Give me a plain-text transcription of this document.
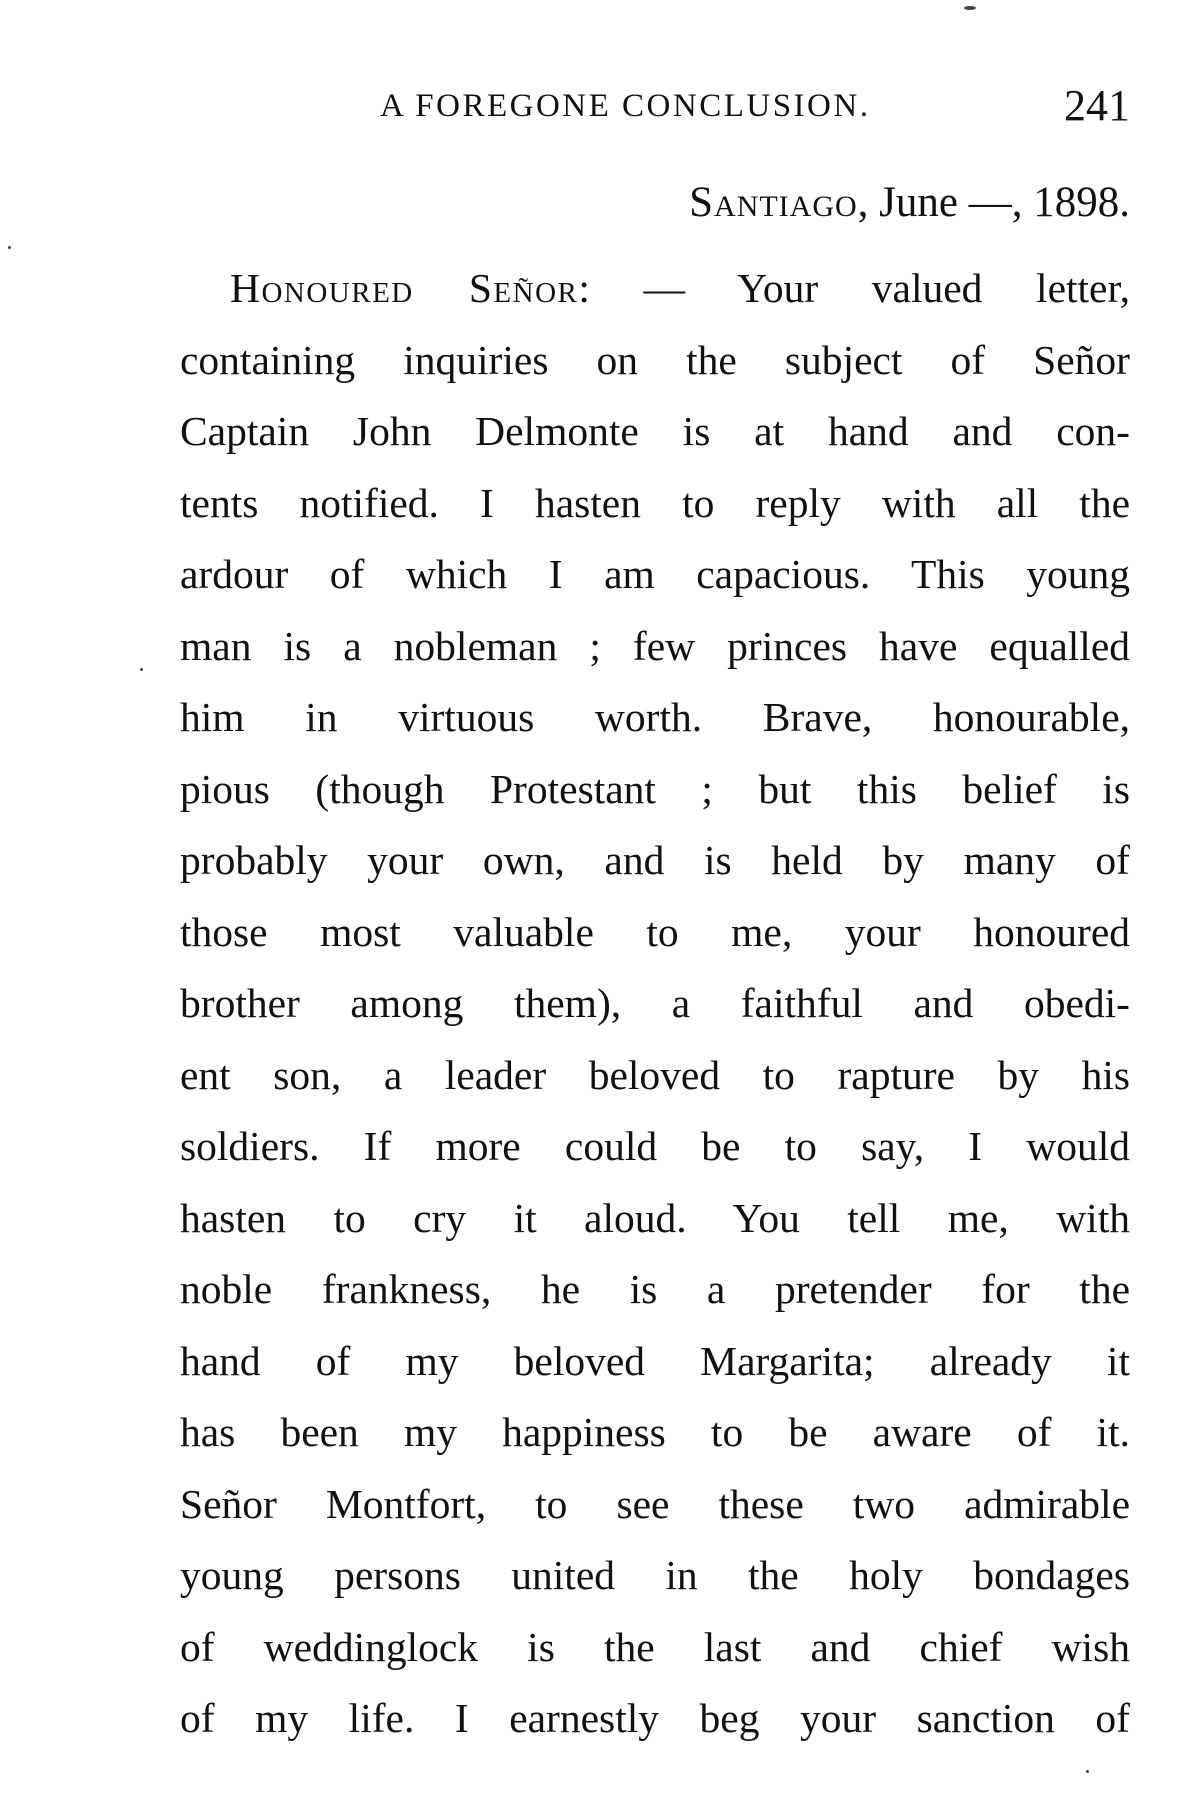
A FOREGONE CONCLUSION.	241
Santiago, June —, 1898.
Honoured Señor: — Your valued letter,
containing inquiries on the subject of Señor
Captain John Delmonte is at hand and con-
tents notified. I hasten to reply with all the
ardour of which I am capacious. This young
man is a nobleman ; few princes have equalled
him in virtuous worth. Brave, honourable,
pious (though Protestant ; but this belief is
probably your own, and is held by many of
those most valuable to me, your honoured
brother among them), a faithful and obedi-
ent son, a leader beloved to rapture by his
soldiers. If more could be to say, I would
hasten to cry it aloud. You tell me, with
noble frankness, he is a pretender for the
hand of my beloved Margarita; already it
has been my happiness to be aware of it.
Señor Montfort, to see these two admirable
young persons united in the holy bondages
of weddinglock is the last and chief wish
of my life. I earnestly beg your sanction of
